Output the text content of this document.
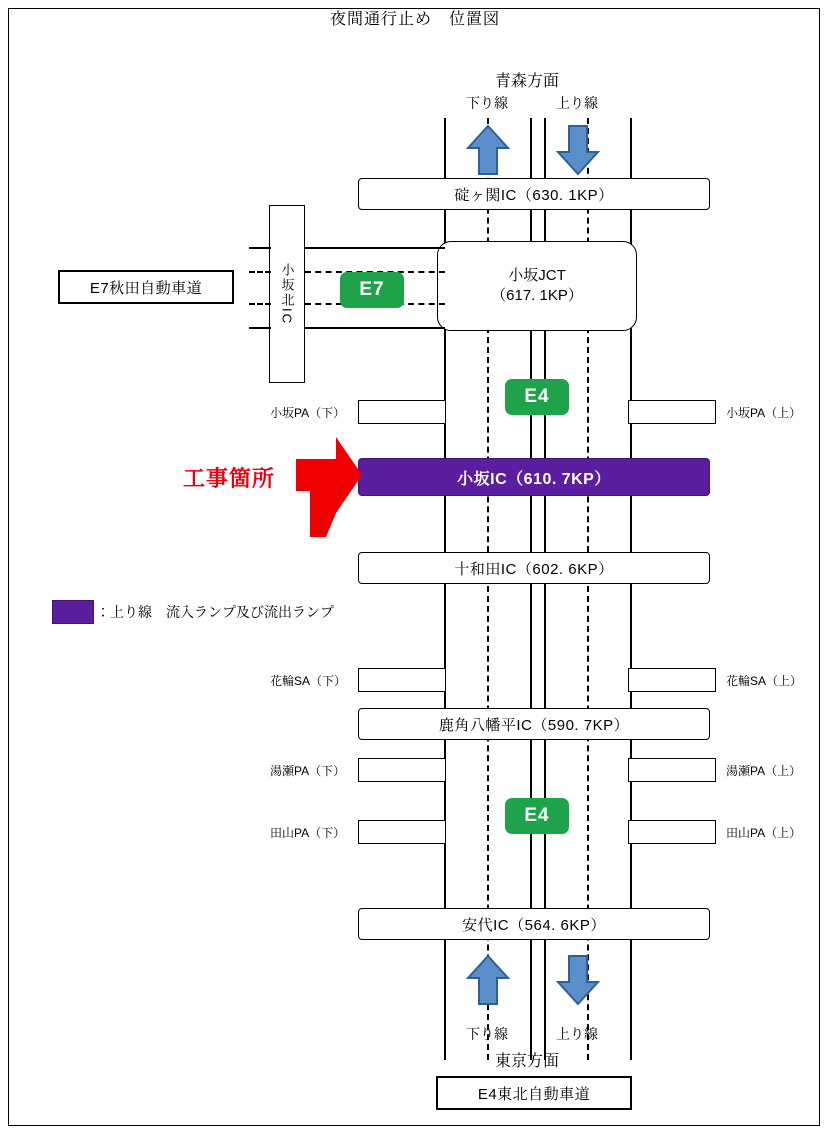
夜間通行止め　位置図
青森方面
下り線	上り線
碇ヶ関IC（630. 1KP）
小坂JCT
（617. 1KP）
小坂北IC
E7秋田自動車道	E7
E4
E4
小坂PA（下）	小坂PA（上）
小坂IC（610. 7KP）
工事箇所
十和田IC（602. 6KP）
：上り線　流入ランプ及び流出ランプ
花輪SA（下）	花輪SA（上）
鹿角八幡平IC（590. 7KP）
湯瀬PA（下）	湯瀬PA（上）
田山PA（下）	田山PA（上）
安代IC（564. 6KP）
下り線	上り線
東京方面
E4東北自動車道
